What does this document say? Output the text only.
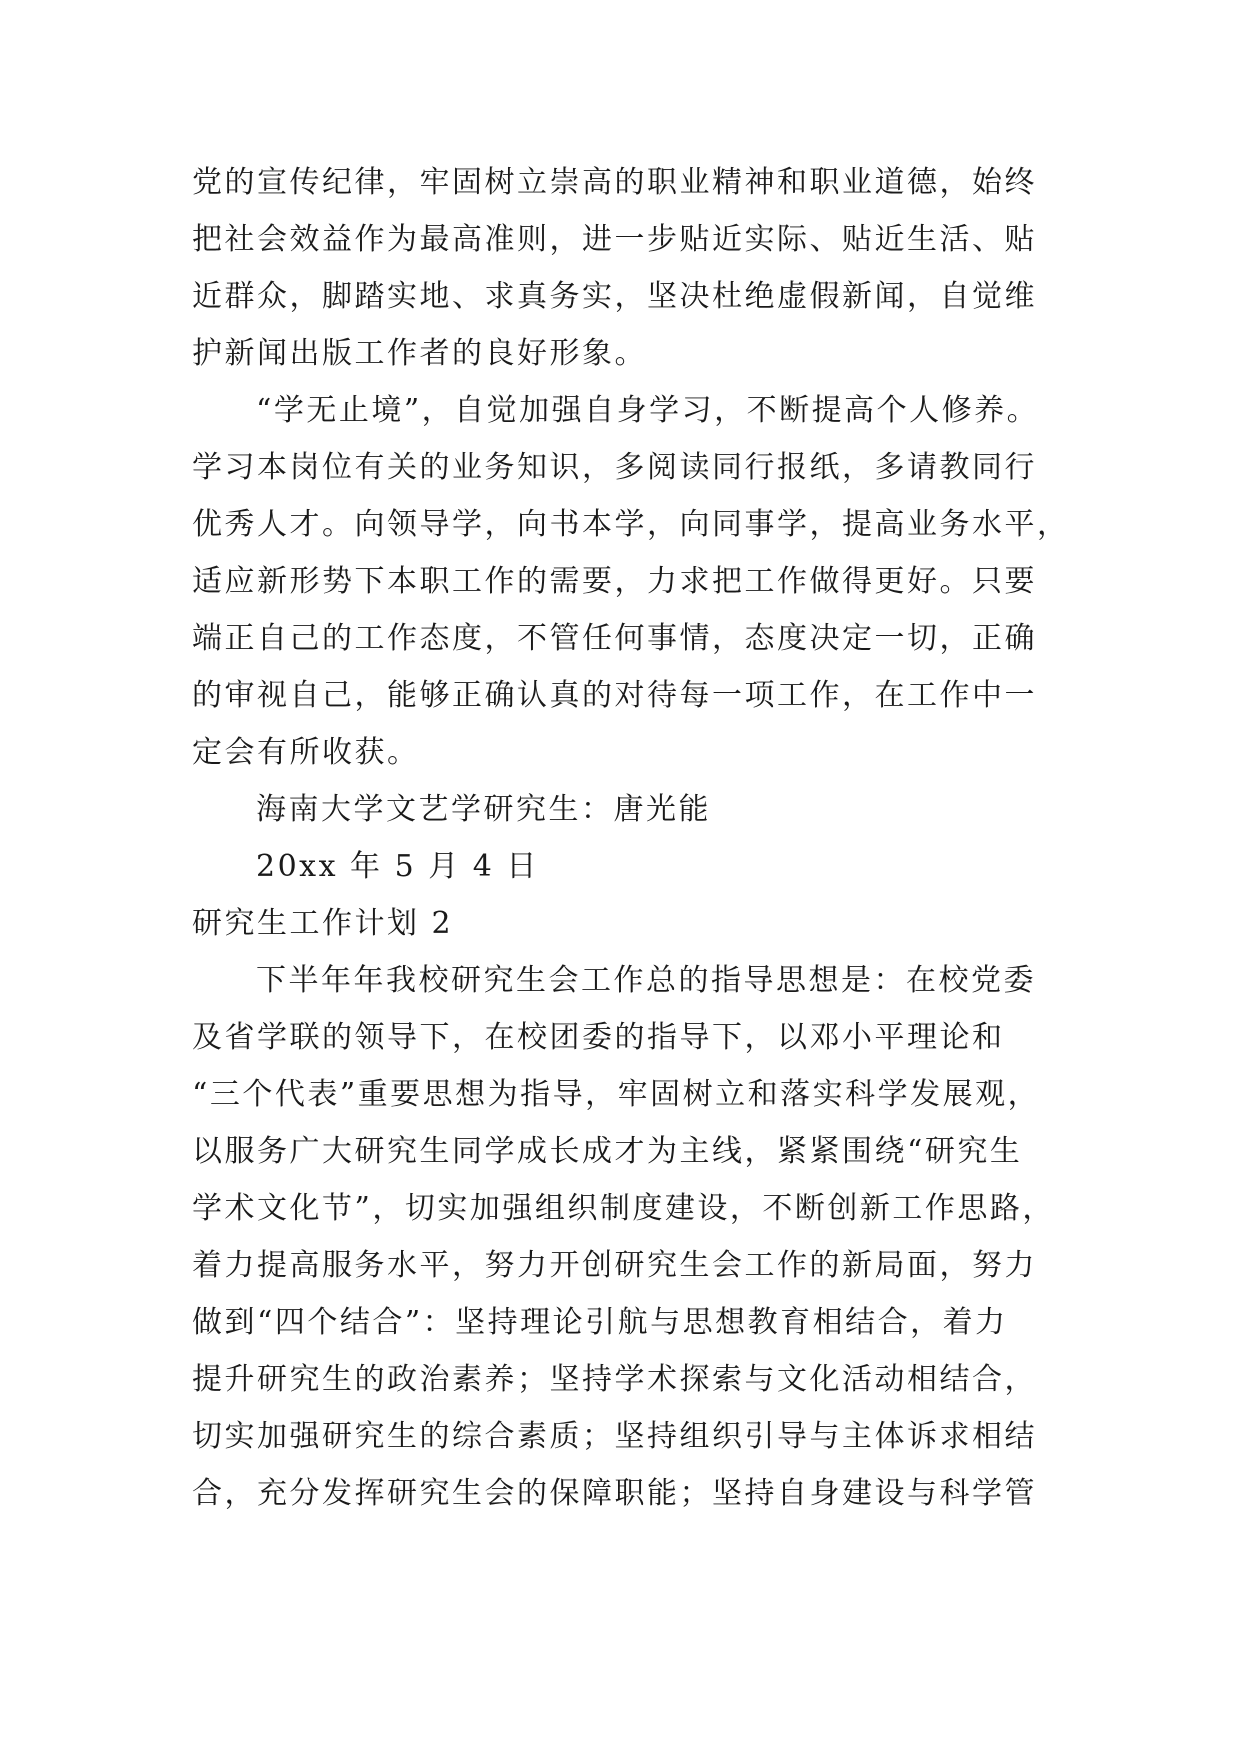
党的宣传纪律，牢固树立崇高的职业精神和职业道德，始终
把社会效益作为最高准则，进一步贴近实际、贴近生活、贴
近群众，脚踏实地、求真务实，坚决杜绝虚假新闻，自觉维
护新闻出版工作者的良好形象。
“学无止境”，自觉加强自身学习，不断提高个人修养。
学习本岗位有关的业务知识，多阅读同行报纸，多请教同行
优秀人才。向领导学，向书本学，向同事学，提高业务水平，
适应新形势下本职工作的需要，力求把工作做得更好。只要
端正自己的工作态度，不管任何事情，态度决定一切，正确
的审视自己，能够正确认真的对待每一项工作，在工作中一
定会有所收获。
海南大学文艺学研究生：唐光能
20xx 年 5 月 4 日
研究生工作计划 2
下半年年我校研究生会工作总的指导思想是：在校党委
及省学联的领导下，在校团委的指导下，以邓小平理论和
“三个代表”重要思想为指导，牢固树立和落实科学发展观，
以服务广大研究生同学成长成才为主线，紧紧围绕“研究生
学术文化节”，切实加强组织制度建设，不断创新工作思路，
着力提高服务水平，努力开创研究生会工作的新局面，努力
做到“四个结合”：坚持理论引航与思想教育相结合，着力
提升研究生的政治素养；坚持学术探索与文化活动相结合，
切实加强研究生的综合素质；坚持组织引导与主体诉求相结
合，充分发挥研究生会的保障职能；坚持自身建设与科学管
